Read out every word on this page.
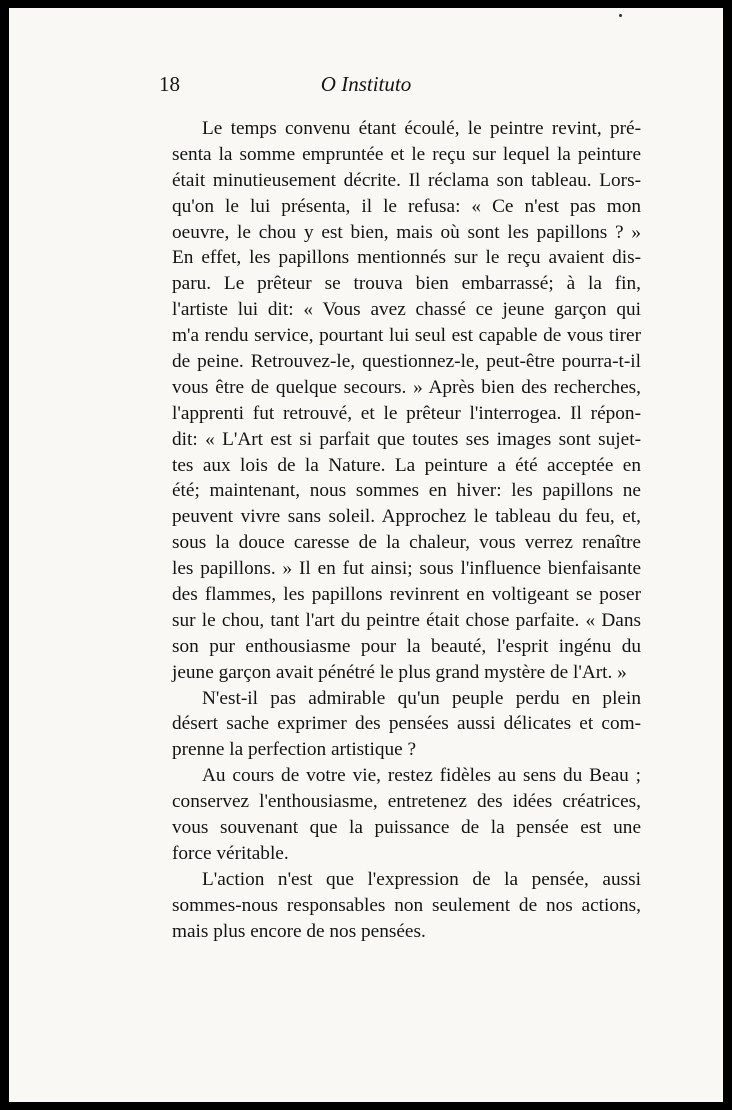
18	O Instituto
Le temps convenu étant écoulé, le peintre revint, pré-
senta la somme empruntée et le reçu sur lequel la peinture
était minutieusement décrite. Il réclama son tableau. Lors-
qu'on le lui présenta, il le refusa: « Ce n'est pas mon
oeuvre, le chou y est bien, mais où sont les papillons ? »
En effet, les papillons mentionnés sur le reçu avaient dis-
paru. Le prêteur se trouva bien embarrassé; à la fin,
l'artiste lui dit: « Vous avez chassé ce jeune garçon qui
m'a rendu service, pourtant lui seul est capable de vous tirer
de peine. Retrouvez-le, questionnez-le, peut-être pourra-t-il
vous être de quelque secours. » Après bien des recherches,
l'apprenti fut retrouvé, et le prêteur l'interrogea. Il répon-
dit: « L'Art est si parfait que toutes ses images sont sujet-
tes aux lois de la Nature. La peinture a été acceptée en
été; maintenant, nous sommes en hiver: les papillons ne
peuvent vivre sans soleil. Approchez le tableau du feu, et,
sous la douce caresse de la chaleur, vous verrez renaître
les papillons. » Il en fut ainsi; sous l'influence bienfaisante
des flammes, les papillons revinrent en voltigeant se poser
sur le chou, tant l'art du peintre était chose parfaite. « Dans
son pur enthousiasme pour la beauté, l'esprit ingénu du
jeune garçon avait pénétré le plus grand mystère de l'Art. »
N'est-il pas admirable qu'un peuple perdu en plein
désert sache exprimer des pensées aussi délicates et com-
prenne la perfection artistique ?
Au cours de votre vie, restez fidèles au sens du Beau ;
conservez l'enthousiasme, entretenez des idées créatrices,
vous souvenant que la puissance de la pensée est une
force véritable.
L'action n'est que l'expression de la pensée, aussi
sommes-nous responsables non seulement de nos actions,
mais plus encore de nos pensées.
